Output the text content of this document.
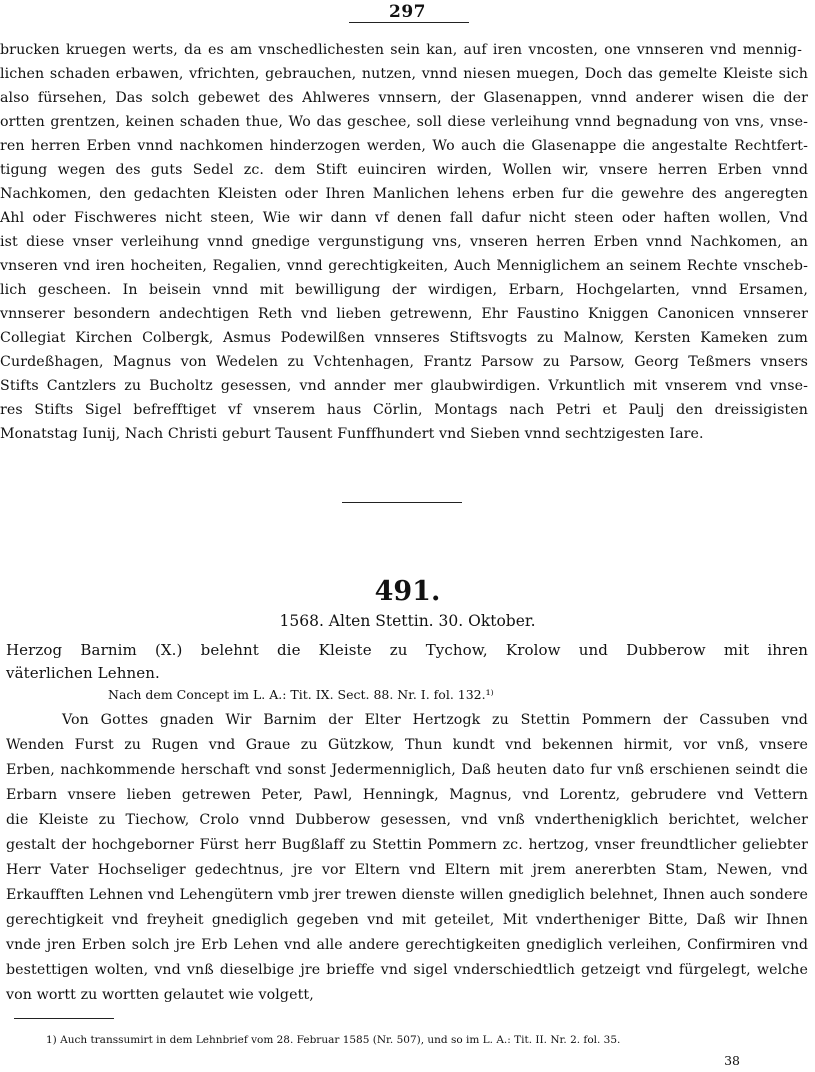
297
brucken kruegen werts, da es am vnschedlichesten sein kan, auf iren vncosten, one vnnseren vnd mennig-
lichen schaden erbawen, vfrichten, gebrauchen, nutzen, vnnd niesen muegen, Doch das gemelte Kleiste sich
also fürsehen, Das solch gebewet des Ahlweres vnnsern, der Glasenappen, vnnd anderer wisen die der
ortten grentzen, keinen schaden thue, Wo das geschee, soll diese verleihung vnnd begnadung von vns, vnse-
ren herren Erben vnnd nachkomen hinderzogen werden, Wo auch die Glasenappe die angestalte Rechtfert-
tigung wegen des guts Sedel zc. dem Stift euinciren wirden, Wollen wir, vnsere herren Erben vnnd
Nachkomen, den gedachten Kleisten oder Ihren Manlichen lehens erben fur die gewehre des angeregten
Ahl oder Fischweres nicht steen, Wie wir dann vf denen fall dafur nicht steen oder haften wollen, Vnd
ist diese vnser verleihung vnnd gnedige vergunstigung vns, vnseren herren Erben vnnd Nachkomen, an
vnseren vnd iren hocheiten, Regalien, vnnd gerechtigkeiten, Auch Menniglichem an seinem Rechte vnscheb-
lich gescheen. In beisein vnnd mit bewilligung der wirdigen, Erbarn, Hochgelarten, vnnd Ersamen,
vnnserer besondern andechtigen Reth vnd lieben getrewenn, Ehr Faustino Kniggen Canonicen vnnserer
Collegiat Kirchen Colbergk, Asmus Podewilßen vnnseres Stiftsvogts zu Malnow, Kersten Kameken zum
Curdeßhagen, Magnus von Wedelen zu Vchtenhagen, Frantz Parsow zu Parsow, Georg Teßmers vnsers
Stifts Cantzlers zu Bucholtz gesessen, vnd annder mer glaubwirdigen. Vrkuntlich mit vnserem vnd vnse-
res Stifts Sigel befrefftiget vf vnserem haus Cörlin, Montags nach Petri et Paulj den dreissigisten
Monatstag Iunij, Nach Christi geburt Tausent Funffhundert vnd Sieben vnnd sechtzigesten Iare.
491.
1568. Alten Stettin. 30. Oktober.
Herzog Barnim (X.) belehnt die Kleiste zu Tychow, Krolow und Dubberow mit ihren
väterlichen Lehnen.
Nach dem Concept im L. A.: Tit. IX. Sect. 88. Nr. I. fol. 132.¹⁾
Von Gottes gnaden Wir Barnim der Elter Hertzogk zu Stettin Pommern der Cassuben vnd
Wenden Furst zu Rugen vnd Graue zu Gützkow, Thun kundt vnd bekennen hirmit, vor vnß, vnsere
Erben, nachkommende herschaft vnd sonst Jedermenniglich, Daß heuten dato fur vnß erschienen seindt die
Erbarn vnsere lieben getrewen Peter, Pawl, Henningk, Magnus, vnd Lorentz, gebrudere vnd Vettern
die Kleiste zu Tiechow, Crolo vnnd Dubberow gesessen, vnd vnß vnderthenigklich berichtet, welcher
gestalt der hochgeborner Fürst herr Bugßlaff zu Stettin Pommern zc. hertzog, vnser freundtlicher geliebter
Herr Vater Hochseliger gedechtnus, jre vor Eltern vnd Eltern mit jrem anererbten Stam, Newen, vnd
Erkaufften Lehnen vnd Lehengütern vmb jrer trewen dienste willen gnediglich belehnet, Ihnen auch sondere
gerechtigkeit vnd freyheit gnediglich gegeben vnd mit geteilet, Mit vndertheniger Bitte, Daß wir Ihnen
vnde jren Erben solch jre Erb Lehen vnd alle andere gerechtigkeiten gnediglich verleihen, Confirmiren vnd
bestettigen wolten, vnd vnß dieselbige jre brieffe vnd sigel vnderschiedtlich getzeigt vnd fürgelegt, welche
von wortt zu wortten gelautet wie volgett,
1) Auch transsumirt in dem Lehnbrief vom 28. Februar 1585 (Nr. 507), und so im L. A.: Tit. II. Nr. 2. fol. 35.
38
